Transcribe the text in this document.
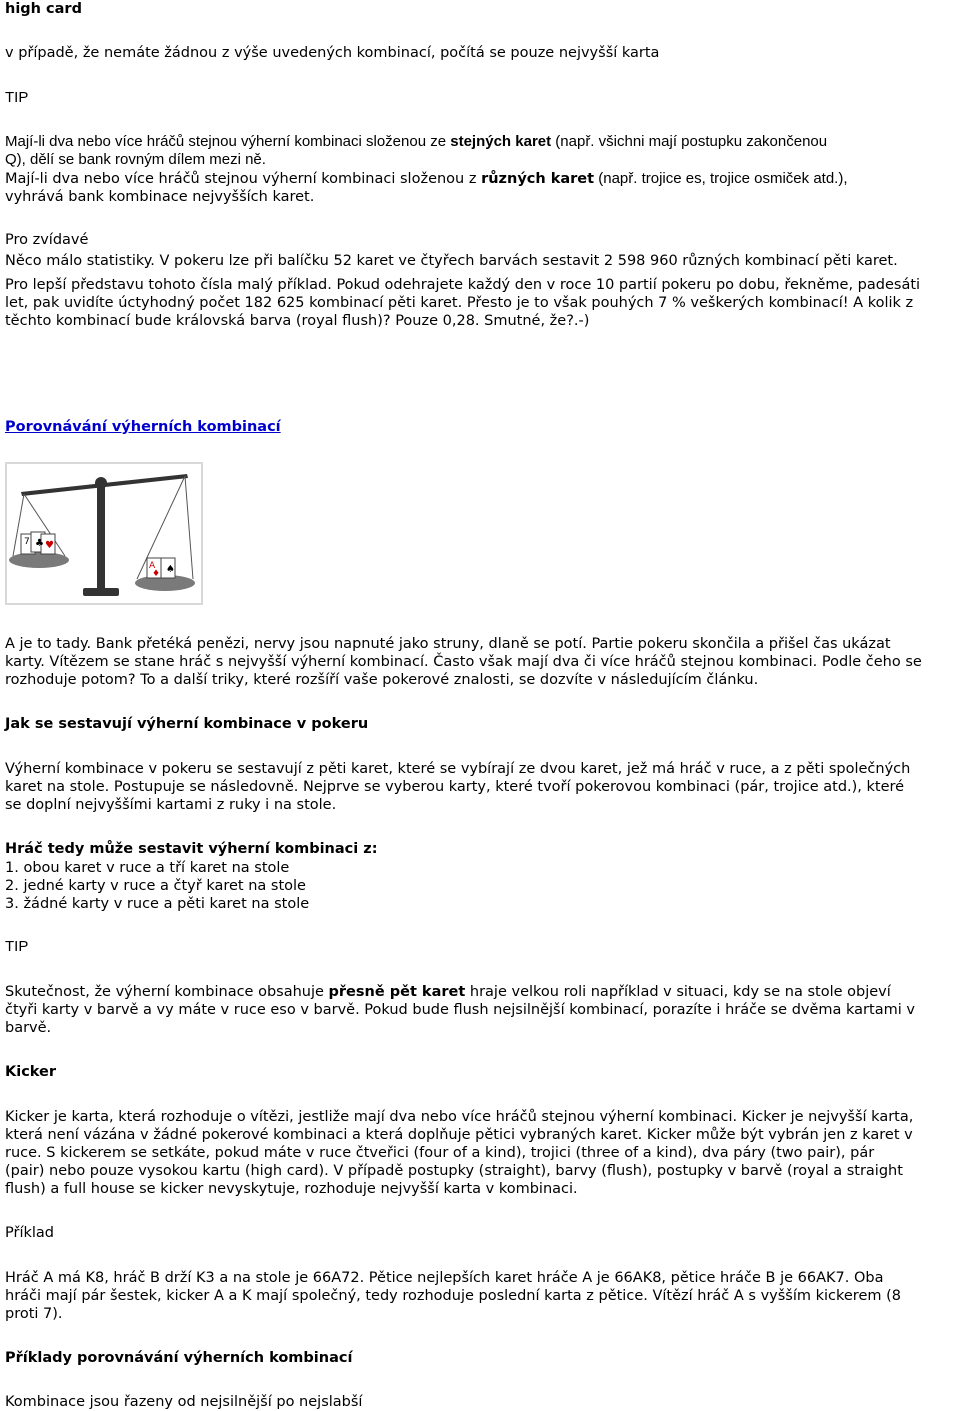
high card
v případě, že nemáte žádnou z výše uvedených kombinací, počítá se pouze nejvyšší karta
TIP
Mají-li dva nebo více hráčů stejnou výherní kombinaci složenou ze stejných karet (např. všichni mají postupku zakončenou
Q), dělí se bank rovným dílem mezi ně.
Mají-li dva nebo více hráčů stejnou výherní kombinaci složenou z různých karet (např. trojice es, trojice osmiček atd.),
vyhrává bank kombinace nejvyšších karet.
Pro zvídavé
Něco málo statistiky. V pokeru lze při balíčku 52 karet ve čtyřech barvách sestavit 2 598 960 různých kombinací pěti karet.
Pro lepší představu tohoto čísla malý příklad. Pokud odehrajete každý den v roce 10 partií pokeru po dobu, řekněme, padesáti
let, pak uvidíte úctyhodný počet 182 625 kombinací pěti karet. Přesto je to však pouhých 7 % veškerých kombinací! A kolik z
těchto kombinací bude královská barva (royal flush)? Pouze 0,28. Smutné, že?.-)
Porovnávání výherních kombinací
7 ♣ ♥
A
♦ ♠
A je to tady. Bank přetéká penězi, nervy jsou napnuté jako struny, dlaně se potí. Partie pokeru skončila a přišel čas ukázat
karty. Vítězem se stane hráč s nejvyšší výherní kombinací. Často však mají dva či více hráčů stejnou kombinaci. Podle čeho se
rozhoduje potom? To a další triky, které rozšíří vaše pokerové znalosti, se dozvíte v následujícím článku.
Jak se sestavují výherní kombinace v pokeru
Výherní kombinace v pokeru se sestavují z pěti karet, které se vybírají ze dvou karet, jež má hráč v ruce, a z pěti společných
karet na stole. Postupuje se následovně. Nejprve se vyberou karty, které tvoří pokerovou kombinaci (pár, trojice atd.), které
se doplní nejvyššími kartami z ruky i na stole.
Hráč tedy může sestavit výherní kombinaci z:
1. obou karet v ruce a tří karet na stole
2. jedné karty v ruce a čtyř karet na stole
3. žádné karty v ruce a pěti karet na stole
TIP
Skutečnost, že výherní kombinace obsahuje přesně pět karet hraje velkou roli například v situaci, kdy se na stole objeví
čtyři karty v barvě a vy máte v ruce eso v barvě. Pokud bude flush nejsilnější kombinací, porazíte i hráče se dvěma kartami v
barvě.
Kicker
Kicker je karta, která rozhoduje o vítězi, jestliže mají dva nebo více hráčů stejnou výherní kombinaci. Kicker je nejvyšší karta,
která není vázána v žádné pokerové kombinaci a která doplňuje pětici vybraných karet. Kicker může být vybrán jen z karet v
ruce. S kickerem se setkáte, pokud máte v ruce čtveřici (four of a kind), trojici (three of a kind), dva páry (two pair), pár
(pair) nebo pouze vysokou kartu (high card). V případě postupky (straight), barvy (flush), postupky v barvě (royal a straight
flush) a full house se kicker nevyskytuje, rozhoduje nejvyšší karta v kombinaci.
Příklad
Hráč A má K8, hráč B drží K3 a na stole je 66A72. Pětice nejlepších karet hráče A je 66AK8, pětice hráče B je 66AK7. Oba
hráči mají pár šestek, kicker A a K mají společný, tedy rozhoduje poslední karta z pětice. Vítězí hráč A s vyšším kickerem (8
proti 7).
Příklady porovnávání výherních kombinací
Kombinace jsou řazeny od nejsilnější po nejslabší
